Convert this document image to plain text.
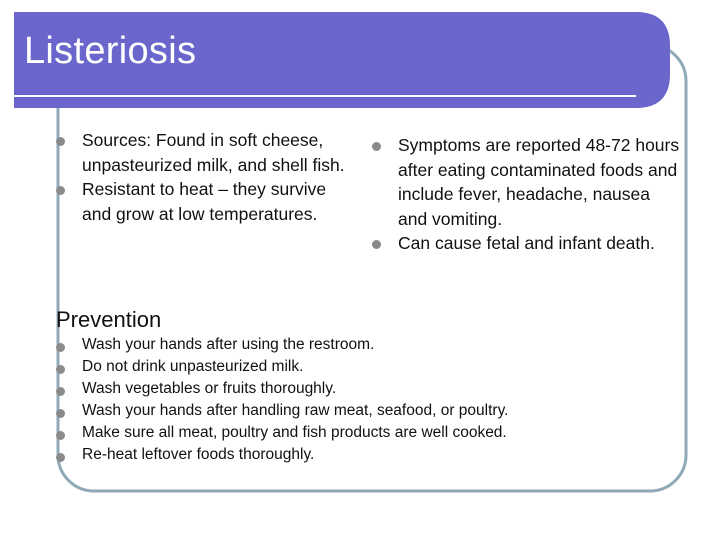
Listeriosis
Sources: Found in soft cheese, unpasteurized milk, and shell fish.
Resistant to heat – they survive and grow at low temperatures.
Symptoms are reported 48-72 hours after eating contaminated foods and include fever, headache, nausea and vomiting.
Can cause fetal and infant death.
Prevention
Wash your hands after using the restroom.
Do not drink unpasteurized milk.
Wash vegetables or fruits thoroughly.
Wash your hands after handling raw meat, seafood, or poultry.
Make sure all meat, poultry and fish products are well cooked.
Re-heat leftover foods thoroughly.
